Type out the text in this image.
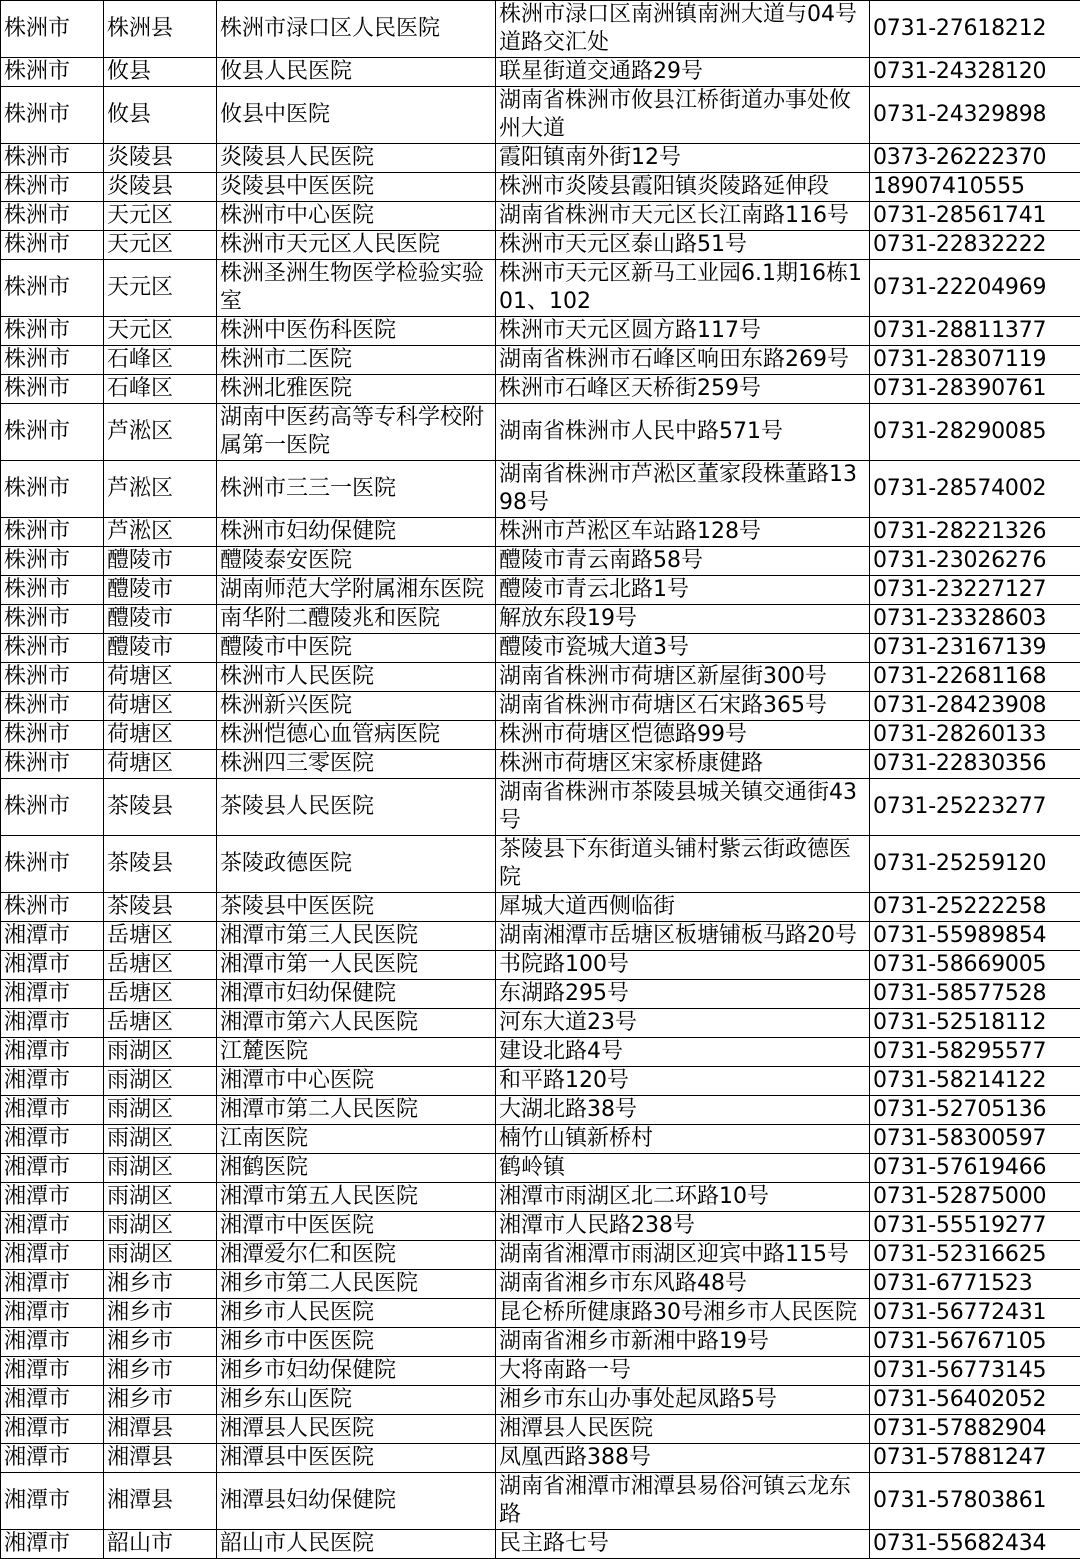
株洲市	株洲县	株洲市渌口区人民医院	株洲市渌口区南洲镇南洲大道与04号道路交汇处	0731-27618212
株洲市	攸县	攸县人民医院	联星街道交通路29号	0731-24328120
株洲市	攸县	攸县中医院	湖南省株洲市攸县江桥街道办事处攸州大道	0731-24329898
株洲市	炎陵县	炎陵县人民医院	霞阳镇南外街12号	0373-26222370
株洲市	炎陵县	炎陵县中医医院	株洲市炎陵县霞阳镇炎陵路延伸段	18907410555
株洲市	天元区	株洲市中心医院	湖南省株洲市天元区长江南路116号	0731-28561741
株洲市	天元区	株洲市天元区人民医院	株洲市天元区泰山路51号	0731-22832222
株洲市	天元区	株洲圣洲生物医学检验实验室	株洲市天元区新马工业园6.1期16栋101、102	0731-22204969
株洲市	天元区	株洲中医伤科医院	株洲市天元区圆方路117号	0731-28811377
株洲市	石峰区	株洲市二医院	湖南省株洲市石峰区响田东路269号	0731-28307119
株洲市	石峰区	株洲北雅医院	株洲市石峰区天桥街259号	0731-28390761
株洲市	芦淞区	湖南中医药高等专科学校附属第一医院	湖南省株洲市人民中路571号	0731-28290085
株洲市	芦淞区	株洲市三三一医院	湖南省株洲市芦淞区董家段株董路1398号	0731-28574002
株洲市	芦淞区	株洲市妇幼保健院	株洲市芦淞区车站路128号	0731-28221326
株洲市	醴陵市	醴陵泰安医院	醴陵市青云南路58号	0731-23026276
株洲市	醴陵市	湖南师范大学附属湘东医院	醴陵市青云北路1号	0731-23227127
株洲市	醴陵市	南华附二醴陵兆和医院	解放东段19号	0731-23328603
株洲市	醴陵市	醴陵市中医院	醴陵市瓷城大道3号	0731-23167139
株洲市	荷塘区	株洲市人民医院	湖南省株洲市荷塘区新屋街300号	0731-22681168
株洲市	荷塘区	株洲新兴医院	湖南省株洲市荷塘区石宋路365号	0731-28423908
株洲市	荷塘区	株洲恺德心血管病医院	株洲市荷塘区恺德路99号	0731-28260133
株洲市	荷塘区	株洲四三零医院	株洲市荷塘区宋家桥康健路	0731-22830356
株洲市	茶陵县	茶陵县人民医院	湖南省株洲市茶陵县城关镇交通街43号	0731-25223277
株洲市	茶陵县	茶陵政德医院	茶陵县下东街道头铺村紫云街政德医院	0731-25259120
株洲市	茶陵县	茶陵县中医医院	犀城大道西侧临街	0731-25222258
湘潭市	岳塘区	湘潭市第三人民医院	湖南湘潭市岳塘区板塘铺板马路20号	0731-55989854
湘潭市	岳塘区	湘潭市第一人民医院	书院路100号	0731-58669005
湘潭市	岳塘区	湘潭市妇幼保健院	东湖路295号	0731-58577528
湘潭市	岳塘区	湘潭市第六人民医院	河东大道23号	0731-52518112
湘潭市	雨湖区	江麓医院	建设北路4号	0731-58295577
湘潭市	雨湖区	湘潭市中心医院	和平路120号	0731-58214122
湘潭市	雨湖区	湘潭市第二人民医院	大湖北路38号	0731-52705136
湘潭市	雨湖区	江南医院	楠竹山镇新桥村	0731-58300597
湘潭市	雨湖区	湘鹤医院	鹤岭镇	0731-57619466
湘潭市	雨湖区	湘潭市第五人民医院	湘潭市雨湖区北二环路10号	0731-52875000
湘潭市	雨湖区	湘潭市中医医院	湘潭市人民路238号	0731-55519277
湘潭市	雨湖区	湘潭爱尔仁和医院	湖南省湘潭市雨湖区迎宾中路115号	0731-52316625
湘潭市	湘乡市	湘乡市第二人民医院	湖南省湘乡市东风路48号	0731-6771523
湘潭市	湘乡市	湘乡市人民医院	昆仑桥所健康路30号湘乡市人民医院	0731-56772431
湘潭市	湘乡市	湘乡市中医医院	湖南省湘乡市新湘中路19号	0731-56767105
湘潭市	湘乡市	湘乡市妇幼保健院	大将南路一号	0731-56773145
湘潭市	湘乡市	湘乡东山医院	湘乡市东山办事处起凤路5号	0731-56402052
湘潭市	湘潭县	湘潭县人民医院	湘潭县人民医院	0731-57882904
湘潭市	湘潭县	湘潭县中医医院	凤凰西路388号	0731-57881247
湘潭市	湘潭县	湘潭县妇幼保健院	湖南省湘潭市湘潭县易俗河镇云龙东路	0731-57803861
湘潭市	韶山市	韶山市人民医院	民主路七号	0731-55682434
